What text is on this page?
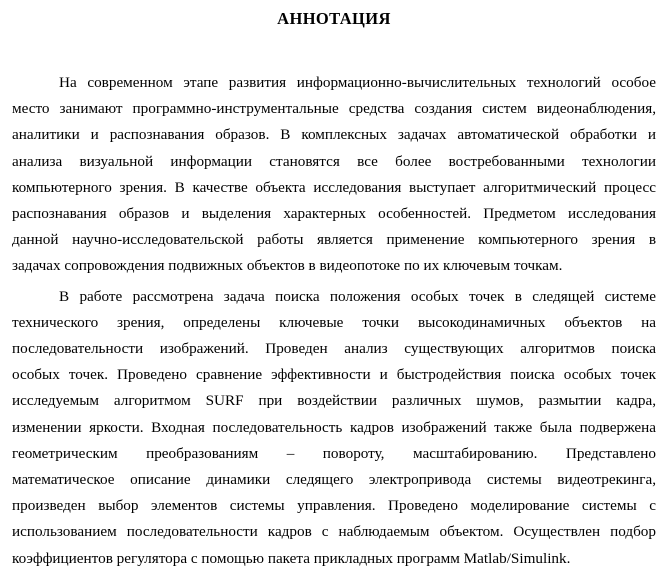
АННОТАЦИЯ
На современном этапе развития информационно-вычислительных технологий особое
место занимают программно-инструментальные средства создания систем видеонаблюдения,
аналитики и распознавания образов. В комплексных задачах автоматической обработки и
анализа визуальной информации становятся все более востребованными технологии
компьютерного зрения. В качестве объекта исследования выступает алгоритмический процесс
распознавания образов и выделения характерных особенностей. Предметом исследования
данной научно-исследовательской работы является применение компьютерного зрения в
задачах сопровождения подвижных объектов в видеопотоке по их ключевым точкам.
В работе рассмотрена задача поиска положения особых точек в следящей системе
технического зрения, определены ключевые точки высокодинамичных объектов на
последовательности изображений. Проведен анализ существующих алгоритмов поиска
особых точек. Проведено сравнение эффективности и быстродействия поиска особых точек
исследуемым алгоритмом SURF при воздействии различных шумов, размытии кадра,
изменении яркости. Входная последовательность кадров изображений также была подвержена
геометрическим преобразованиям – повороту, масштабированию. Представлено
математическое описание динамики следящего электропривода системы видеотрекинга,
произведен выбор элементов системы управления. Проведено моделирование системы с
использованием последовательности кадров с наблюдаемым объектом. Осуществлен подбор
коэффициентов регулятора с помощью пакета прикладных программ Matlab/Simulink.
